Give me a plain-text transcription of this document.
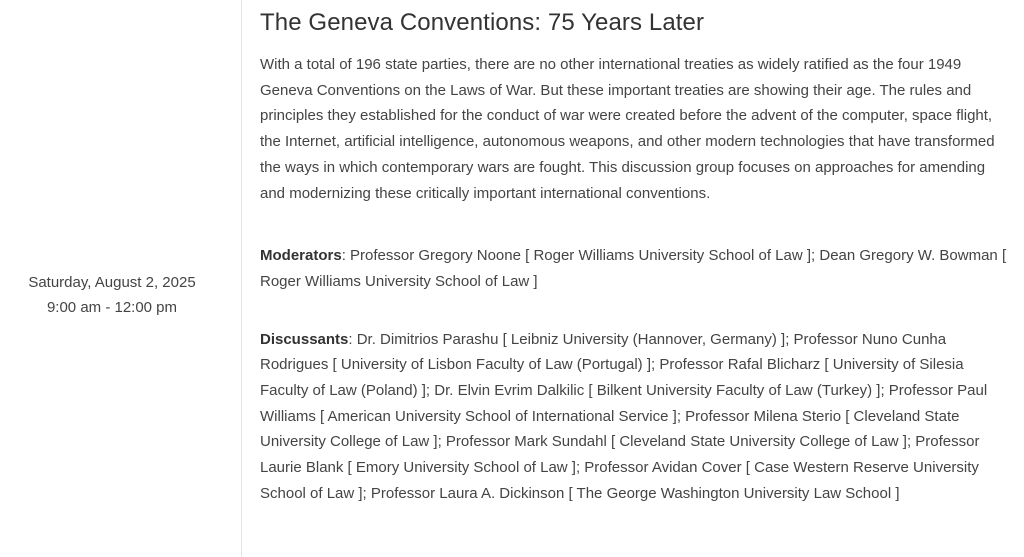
Saturday, August 2, 2025
9:00 am - 12:00 pm
The Geneva Conventions: 75 Years Later

With a total of 196 state parties, there are no other international treaties as widely ratified as the four 1949 Geneva Conventions on the Laws of War. But these important treaties are showing their age. The rules and principles they established for the conduct of war were created before the advent of the computer, space flight, the Internet, artificial intelligence, autonomous weapons, and other modern technologies that have transformed the ways in which contemporary wars are fought. This discussion group focuses on approaches for amending and modernizing these critically important international conventions.

Moderators: Professor Gregory Noone [ Roger Williams University School of Law ]; Dean Gregory W. Bowman [ Roger Williams University School of Law ]

Discussants: Dr. Dimitrios Parashu [ Leibniz University (Hannover, Germany) ]; Professor Nuno Cunha Rodrigues [ University of Lisbon Faculty of Law (Portugal) ]; Professor Rafal Blicharz [ University of Silesia Faculty of Law (Poland) ]; Dr. Elvin Evrim Dalkilic [ Bilkent University Faculty of Law (Turkey) ]; Professor Paul Williams [ American University School of International Service ]; Professor Milena Sterio [ Cleveland State University College of Law ]; Professor Mark Sundahl [ Cleveland State University College of Law ]; Professor Laurie Blank [ Emory University School of Law ]; Professor Avidan Cover [ Case Western Reserve University School of Law ]; Professor Laura A. Dickinson [ The George Washington University Law School ]
